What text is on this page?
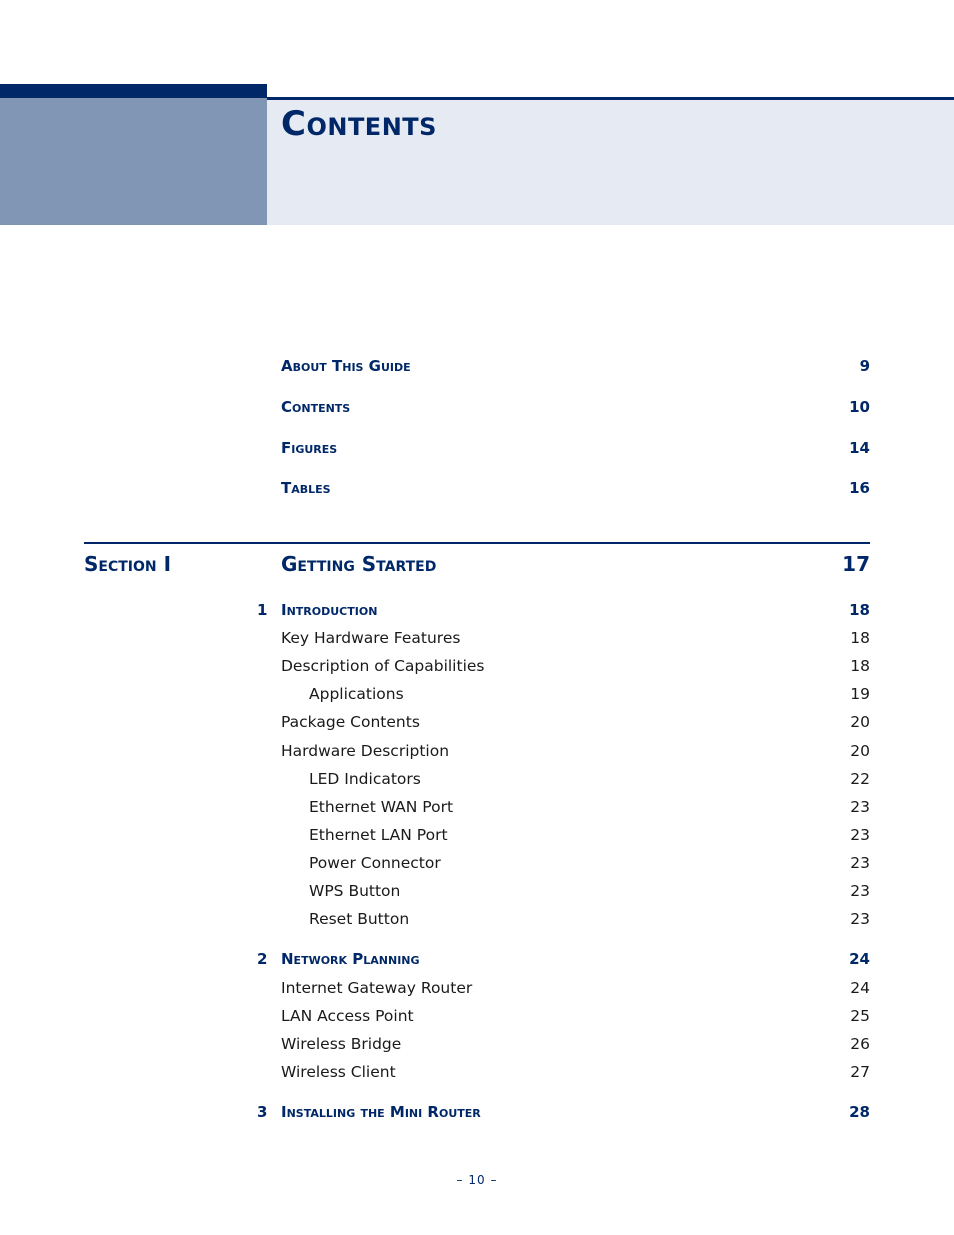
Contents
About This Guide	9
Contents	10
Figures	14
Tables	16
Section I	Getting Started	17
1 Introduction	18
Key Hardware Features	18
Description of Capabilities	18
Applications	19
Package Contents	20
Hardware Description	20
LED Indicators	22
Ethernet WAN Port	23
Ethernet LAN Port	23
Power Connector	23
WPS Button	23
Reset Button	23
2 Network Planning	24
Internet Gateway Router	24
LAN Access Point	25
Wireless Bridge	26
Wireless Client	27
3 Installing the Mini Router	28
– 10 –
